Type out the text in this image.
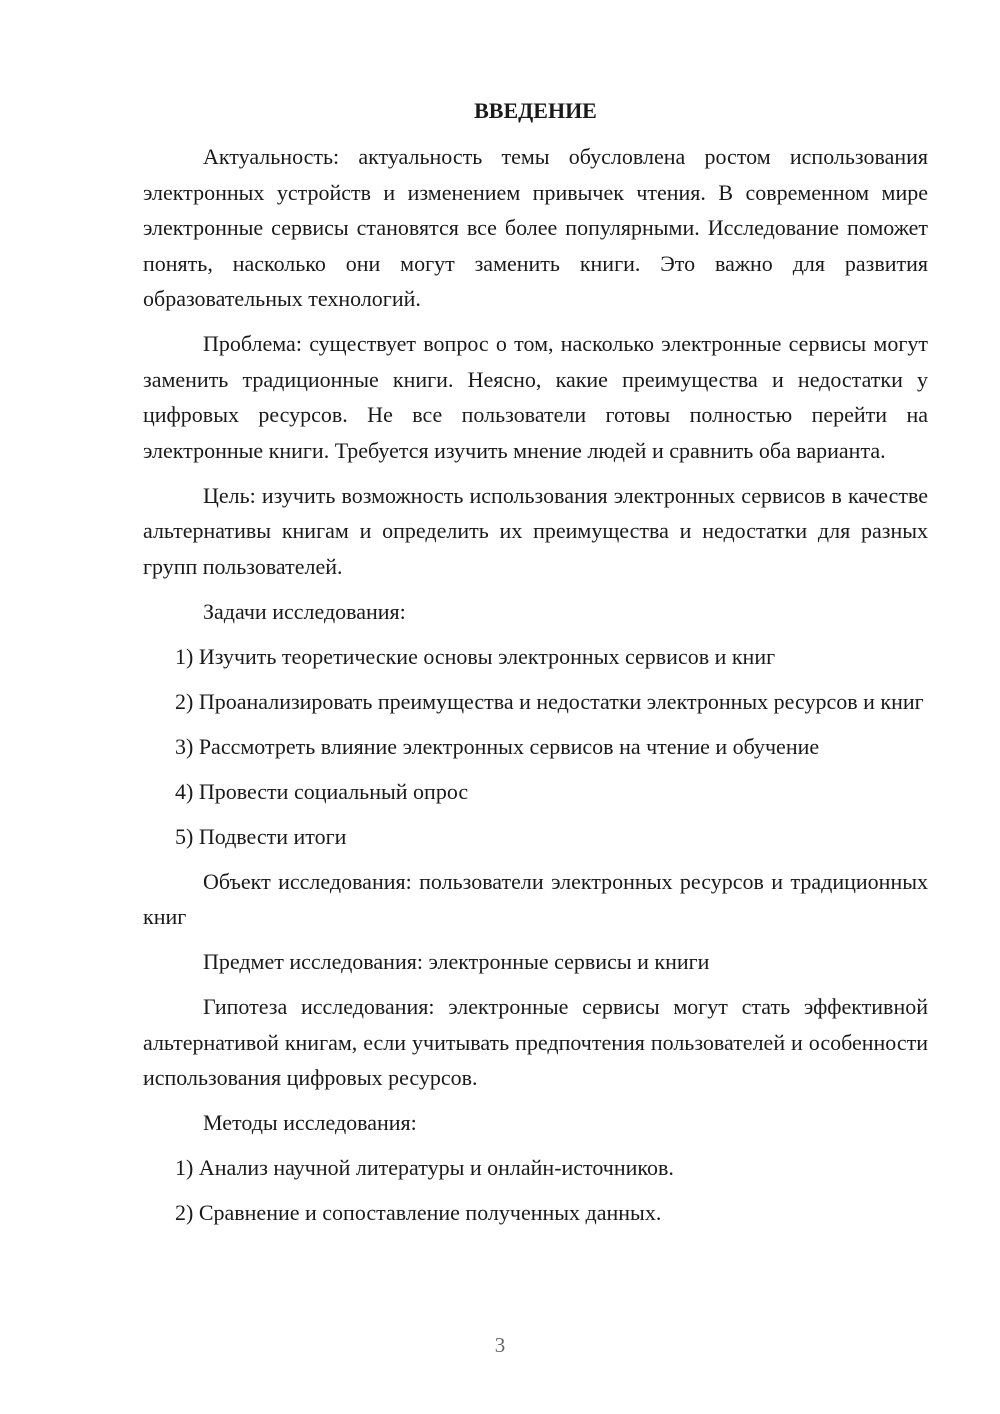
ВВЕДЕНИЕ

Актуальность: актуальность темы обусловлена ростом использования электронных устройств и изменением привычек чтения. В современном мире электронные сервисы становятся все более популярными. Исследование поможет понять, насколько они могут заменить книги. Это важно для развития образовательных технологий.

Проблема: существует вопрос о том, насколько электронные сервисы могут заменить традиционные книги. Неясно, какие преимущества и недостатки у цифровых ресурсов. Не все пользователи готовы полностью перейти на электронные книги. Требуется изучить мнение людей и сравнить оба варианта.

Цель: изучить возможность использования электронных сервисов в качестве альтернативы книгам и определить их преимущества и недостатки для разных групп пользователей.

Задачи исследования:

1) Изучить теоретические основы электронных сервисов и книг

2) Проанализировать преимущества и недостатки электронных ресурсов и книг

3) Рассмотреть влияние электронных сервисов на чтение и обучение

4) Провести социальный опрос

5) Подвести итоги

Объект исследования: пользователи электронных ресурсов и традиционных книг

Предмет исследования: электронные сервисы и книги

Гипотеза исследования: электронные сервисы могут стать эффективной альтернативой книгам, если учитывать предпочтения пользователей и особенности использования цифровых ресурсов.

Методы исследования:

1) Анализ научной литературы и онлайн-источников.

2) Сравнение и сопоставление полученных данных.

3
